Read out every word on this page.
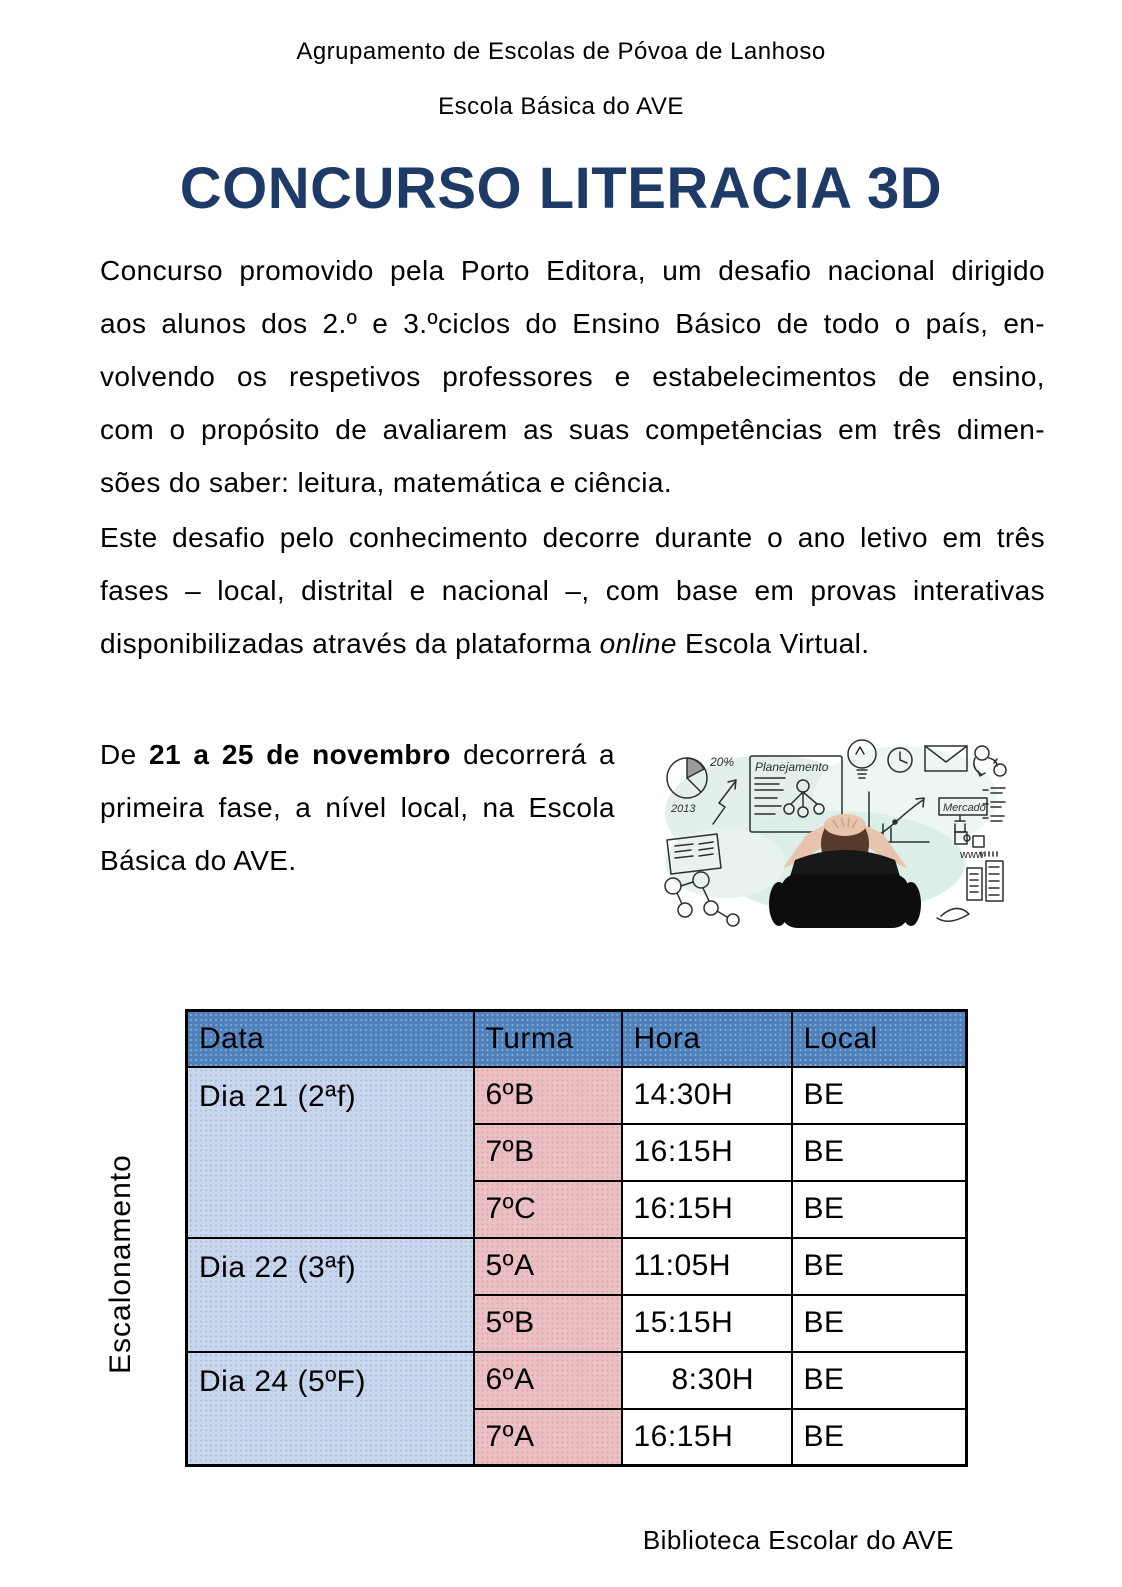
Agrupamento de Escolas de Póvoa de Lanhoso
Escola Básica do AVE
CONCURSO LITERACIA 3D
Concurso promovido pela Porto Editora, um desafio nacional dirigido
aos alunos dos 2.º e 3.ºciclos do Ensino Básico de todo o país, en-
volvendo os respetivos professores e estabelecimentos de ensino,
com o propósito de avaliarem as suas competências em três dimen-
sões do saber: leitura, matemática e ciência.
Este desafio pelo conhecimento decorre durante o ano letivo em três
fases – local, distrital e nacional –, com base em provas interativas
disponibilizadas através da plataforma online Escola Virtual.
De 21 a 25 de novembro decorrerá a
primeira fase, a nível local, na Escola
Básica do AVE.
20%
2013
Planejamento
Mercado
www
Escalonamento
Data	Turma	Hora	Local

Dia 21 (2ªf)	6ºB	14:30H	BE
	7ºB	16:15H	BE
	7ºC	16:15H	BE

Dia 22 (3ªf)	5ºA	11:05H	BE
	5ºB	15:15H	BE

Dia 24 (5ºF)	6ºA	8:30H	BE
	7ºA	16:15H	BE
Biblioteca Escolar do AVE
